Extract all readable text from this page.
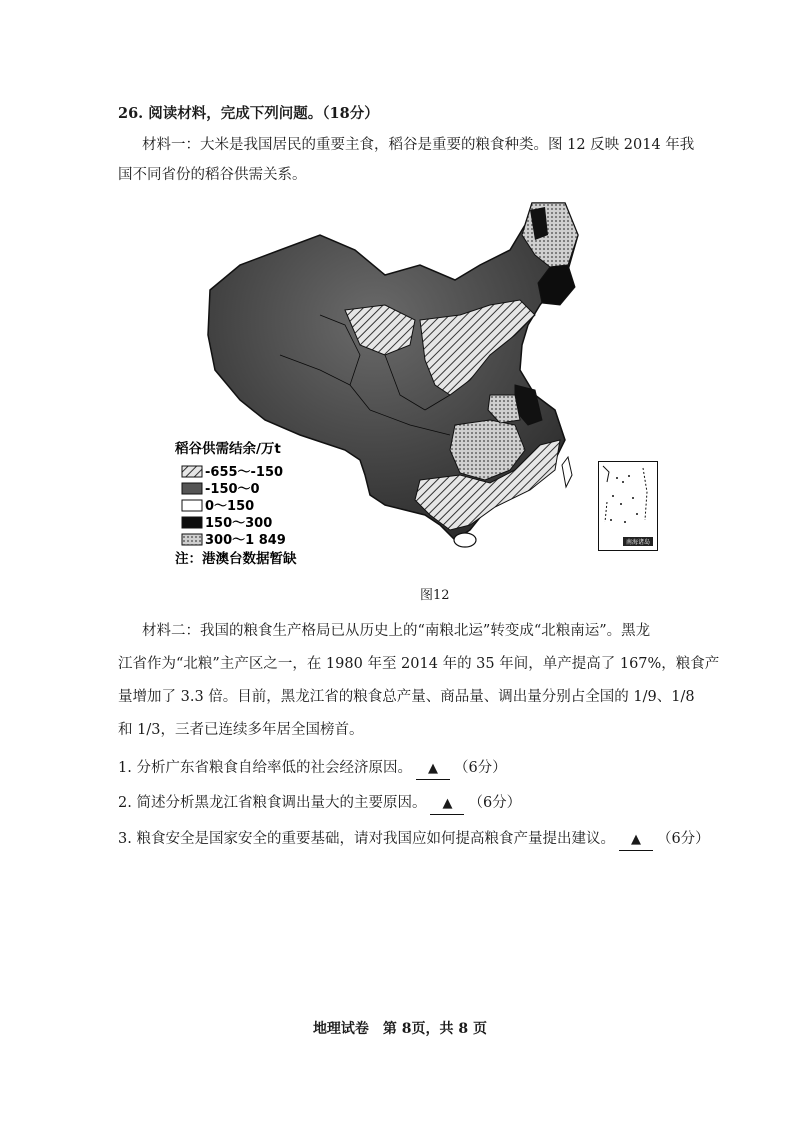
26. 阅读材料，完成下列问题。（18分）
材料一：大米是我国居民的重要主食，稻谷是重要的粮食种类。图 12 反映 2014 年我
国不同省份的稻谷供需关系。
稻谷供需结余/万t
-655～-150
-150～0
0～150
150～300
300～1 849
注：港澳台数据暂缺
南海诸岛
图12
材料二：我国的粮食生产格局已从历史上的“南粮北运”转变成“北粮南运”。黑龙
江省作为“北粮”主产区之一，在 1980 年至 2014 年的 35 年间，单产提高了 167%，粮食产
量增加了 3.3 倍。目前，黑龙江省的粮食总产量、商品量、调出量分别占全国的 1/9、1/8
和 1/3，三者已连续多年居全国榜首。
1. 分析广东省粮食自给率低的社会经济原因。 ▲ （6分）
2. 简述分析黑龙江省粮食调出量大的主要原因。 ▲ （6分）
3. 粮食安全是国家安全的重要基础，请对我国应如何提高粮食产量提出建议。 ▲ （6分）
地理试卷　第 8页，共 8 页
